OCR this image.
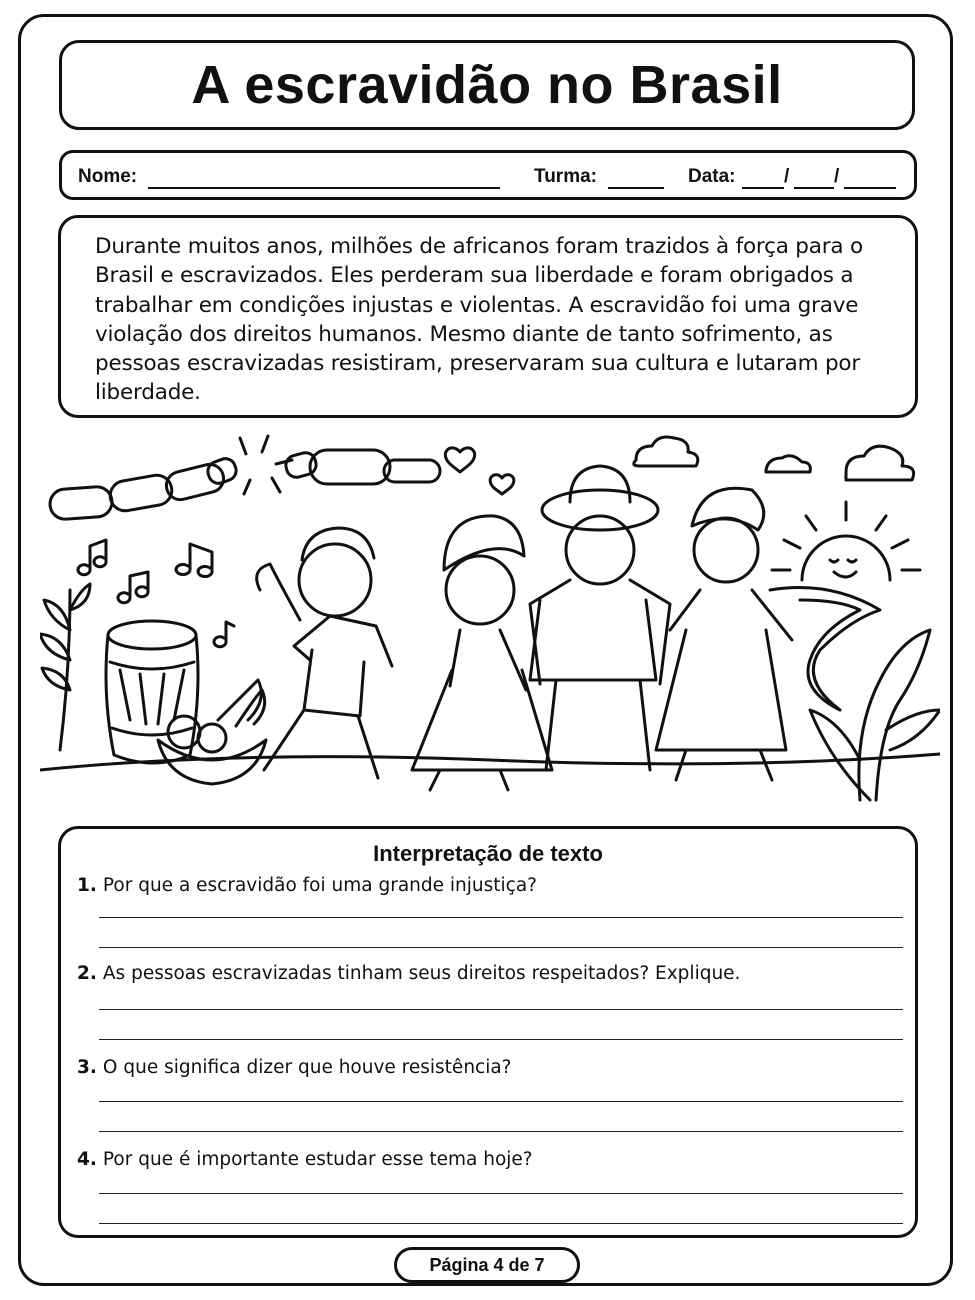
A escravidão no Brasil
Nome:	Turma:	Data:	/ /

Durante muitos anos, milhões de africanos foram trazidos à força para o Brasil e escravizados. Eles perderam sua liberdade e foram obrigados a trabalhar em condições injustas e violentas. A escravidão foi uma grave violação dos direitos humanos. Mesmo diante de tanto sofrimento, as pessoas escravizadas resistiram, preservaram sua cultura e lutaram por liberdade.

Interpretação de texto
1. Por que a escravidão foi uma grande injustiça?
2. As pessoas escravizadas tinham seus direitos respeitados? Explique.
3. O que significa dizer que houve resistência?
4. Por que é importante estudar esse tema hoje?
Página 4 de 7
